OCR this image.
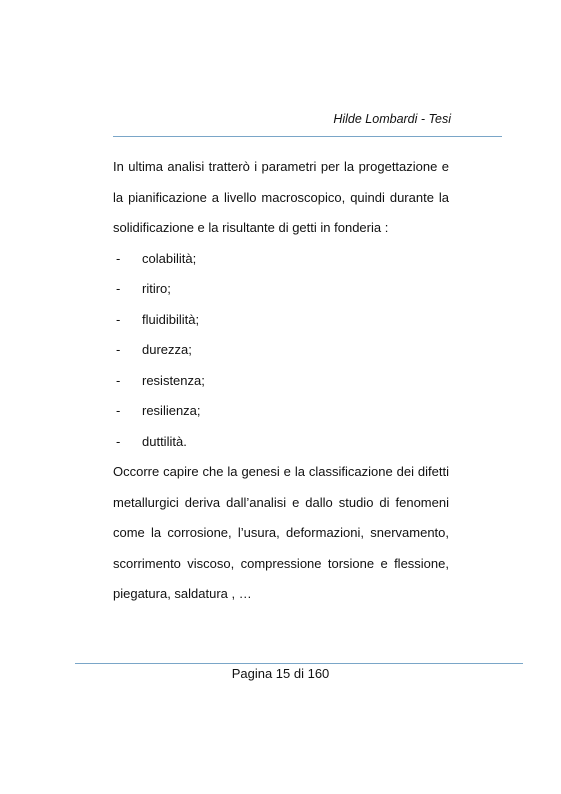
Hilde Lombardi - Tesi

In ultima analisi tratterò i parametri per la progettazione e
la pianificazione a livello macroscopico, quindi durante la
solidificazione e la risultante di getti in fonderia :

-	colabilità;
-	ritiro;
-	fluidibilità;
-	durezza;
-	resistenza;
-	resilienza;
-	duttilità.

Occorre capire che la genesi e la classificazione dei difetti
metallurgici deriva dall’analisi e dallo studio di fenomeni
come la corrosione, l’usura, deformazioni, snervamento,
scorrimento viscoso, compressione torsione e flessione,
piegatura, saldatura , …

Pagina 15 di 160
